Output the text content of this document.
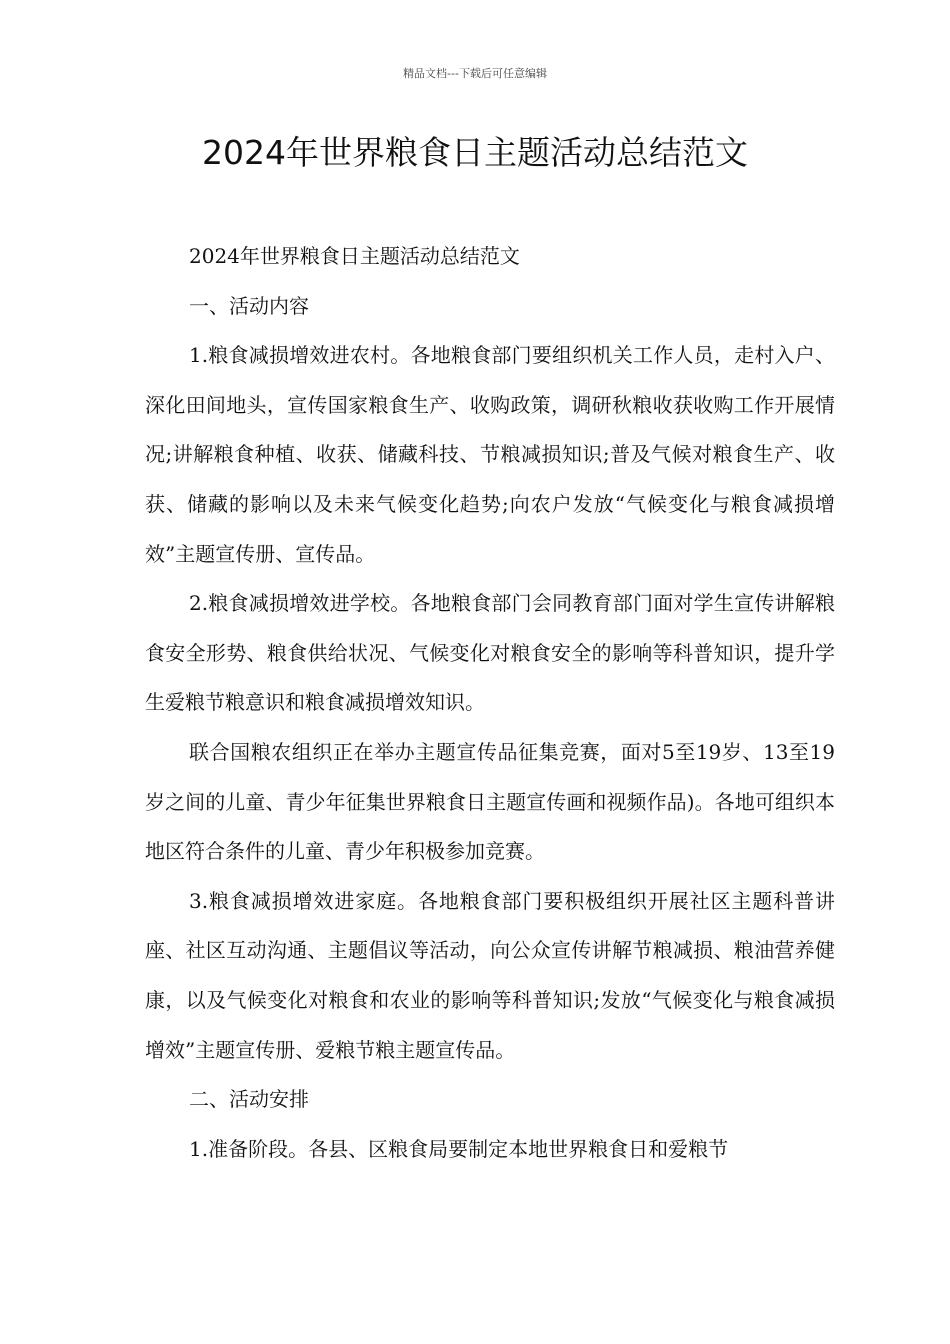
精品文档---下载后可任意编辑
2024年世界粮食日主题活动总结范文

2024年世界粮食日主题活动总结范文

一、活动内容

1.粮食减损增效进农村。各地粮食部门要组织机关工作人员，走村入户、深化田间地头，宣传国家粮食生产、收购政策，调研秋粮收获收购工作开展情况;讲解粮食种植、收获、储藏科技、节粮减损知识;普及气候对粮食生产、收获、储藏的影响以及未来气候变化趋势;向农户发放“气候变化与粮食减损增效”主题宣传册、宣传品。

2.粮食减损增效进学校。各地粮食部门会同教育部门面对学生宣传讲解粮食安全形势、粮食供给状况、气候变化对粮食安全的影响等科普知识，提升学生爱粮节粮意识和粮食减损增效知识。

联合国粮农组织正在举办主题宣传品征集竞赛，面对5至19岁、13至19岁之间的儿童、青少年征集世界粮食日主题宣传画和视频作品)。各地可组织本地区符合条件的儿童、青少年积极参加竞赛。

3.粮食减损增效进家庭。各地粮食部门要积极组织开展社区主题科普讲座、社区互动沟通、主题倡议等活动，向公众宣传讲解节粮减损、粮油营养健康，以及气候变化对粮食和农业的影响等科普知识;发放“气候变化与粮食减损增效”主题宣传册、爱粮节粮主题宣传品。

二、活动安排

1.准备阶段。各县、区粮食局要制定本地世界粮食日和爱粮节
